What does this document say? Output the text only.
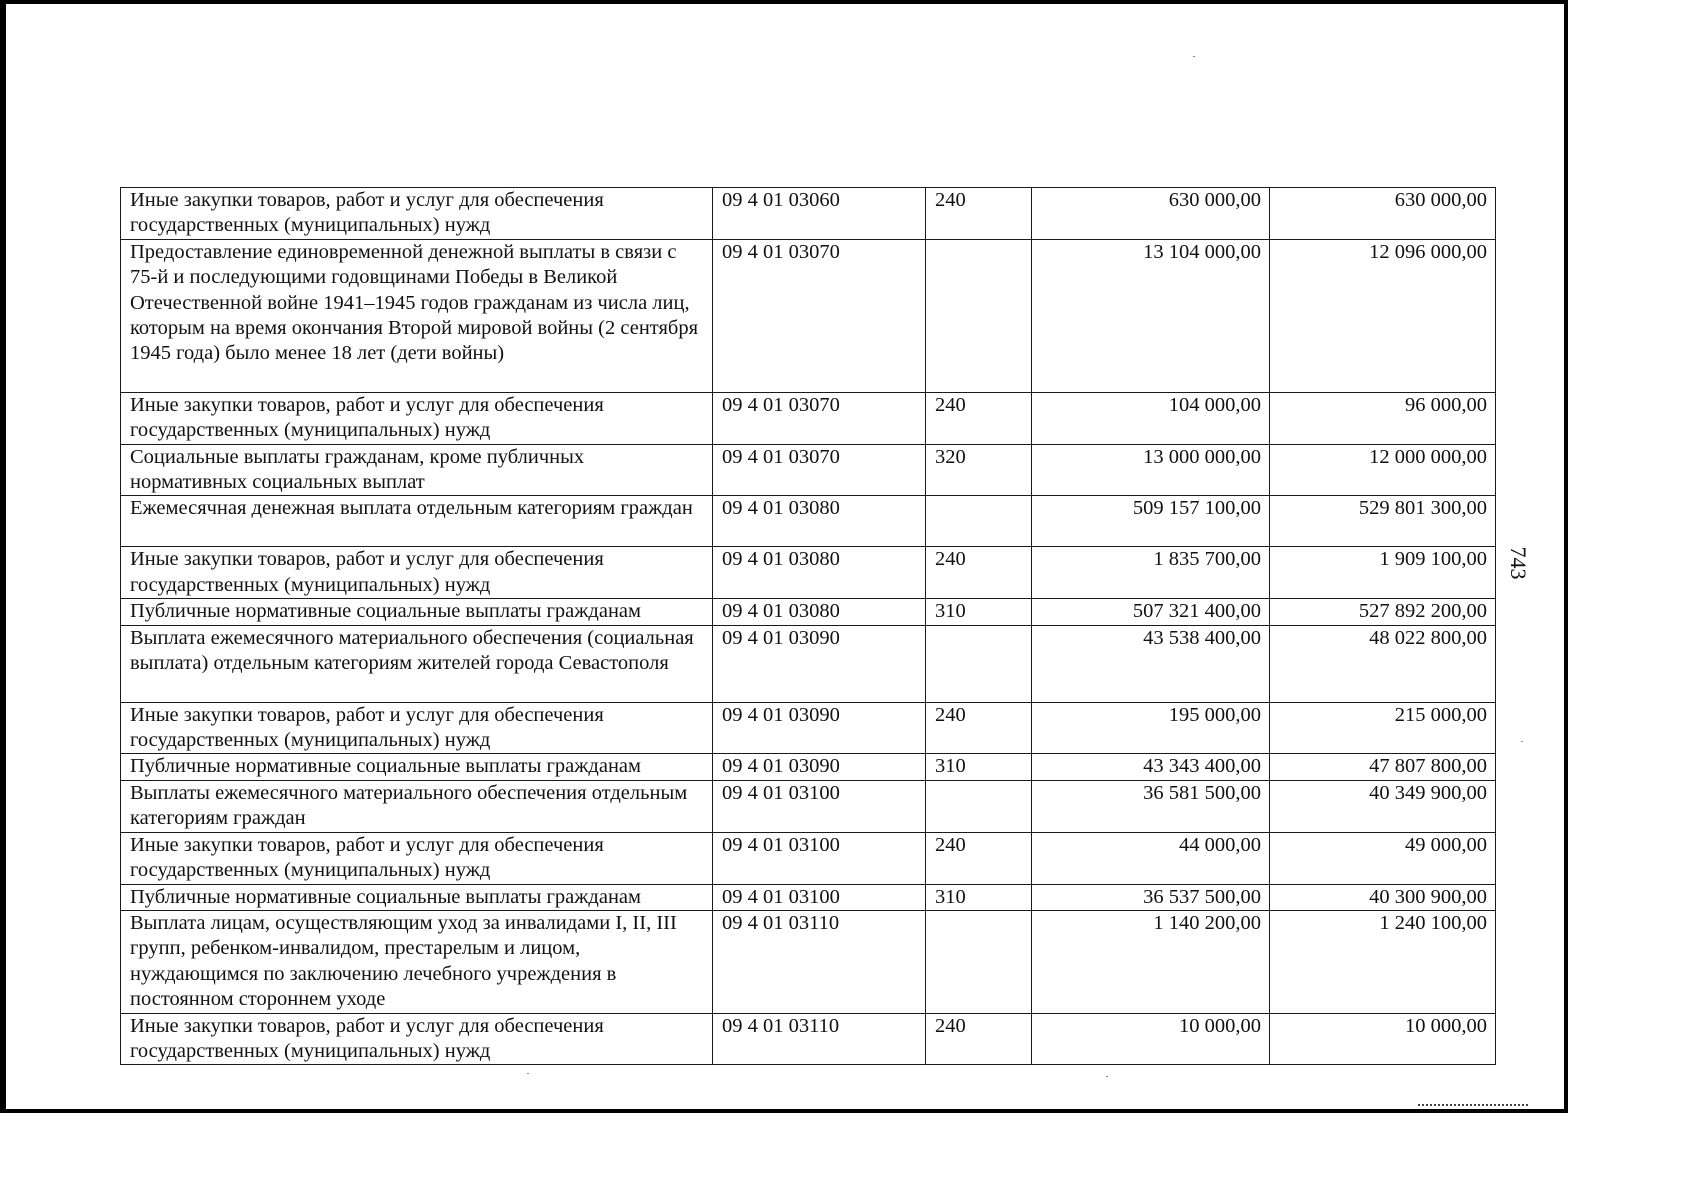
Иные закупки товаров, работ и услуг для обеспечения государственных (муниципальных) нужд	09 4 01 03060	240	630 000,00	630 000,00
Предоставление единовременной денежной выплаты в связи с 75-й и последующими годовщинами Победы в Великой Отечественной войне 1941–1945 годов гражданам из числа лиц, которым на время окончания Второй мировой войны (2 сентября 1945 года) было менее 18 лет (дети войны)	09 4 01 03070		13 104 000,00	12 096 000,00
Иные закупки товаров, работ и услуг для обеспечения государственных (муниципальных) нужд	09 4 01 03070	240	104 000,00	96 000,00
Социальные выплаты гражданам, кроме публичных нормативных социальных выплат	09 4 01 03070	320	13 000 000,00	12 000 000,00
Ежемесячная денежная выплата отдельным категориям граждан	09 4 01 03080		509 157 100,00	529 801 300,00
Иные закупки товаров, работ и услуг для обеспечения государственных (муниципальных) нужд	09 4 01 03080	240	1 835 700,00	1 909 100,00
Публичные нормативные социальные выплаты гражданам	09 4 01 03080	310	507 321 400,00	527 892 200,00
Выплата ежемесячного материального обеспечения (социальная выплата) отдельным категориям жителей города Севастополя	09 4 01 03090		43 538 400,00	48 022 800,00
Иные закупки товаров, работ и услуг для обеспечения государственных (муниципальных) нужд	09 4 01 03090	240	195 000,00	215 000,00
Публичные нормативные социальные выплаты гражданам	09 4 01 03090	310	43 343 400,00	47 807 800,00
Выплаты ежемесячного материального обеспечения отдельным категориям граждан	09 4 01 03100		36 581 500,00	40 349 900,00
Иные закупки товаров, работ и услуг для обеспечения государственных (муниципальных) нужд	09 4 01 03100	240	44 000,00	49 000,00
Публичные нормативные социальные выплаты гражданам	09 4 01 03100	310	36 537 500,00	40 300 900,00
Выплата лицам, осуществляющим уход за инвалидами I, II, III групп, ребенком-инвалидом, престарелым и лицом, нуждающимся по заключению лечебного учреждения в постоянном стороннем уходе	09 4 01 03110		1 140 200,00	1 240 100,00
Иные закупки товаров, работ и услуг для обеспечения государственных (муниципальных) нужд	09 4 01 03110	240	10 000,00	10 000,00
743
